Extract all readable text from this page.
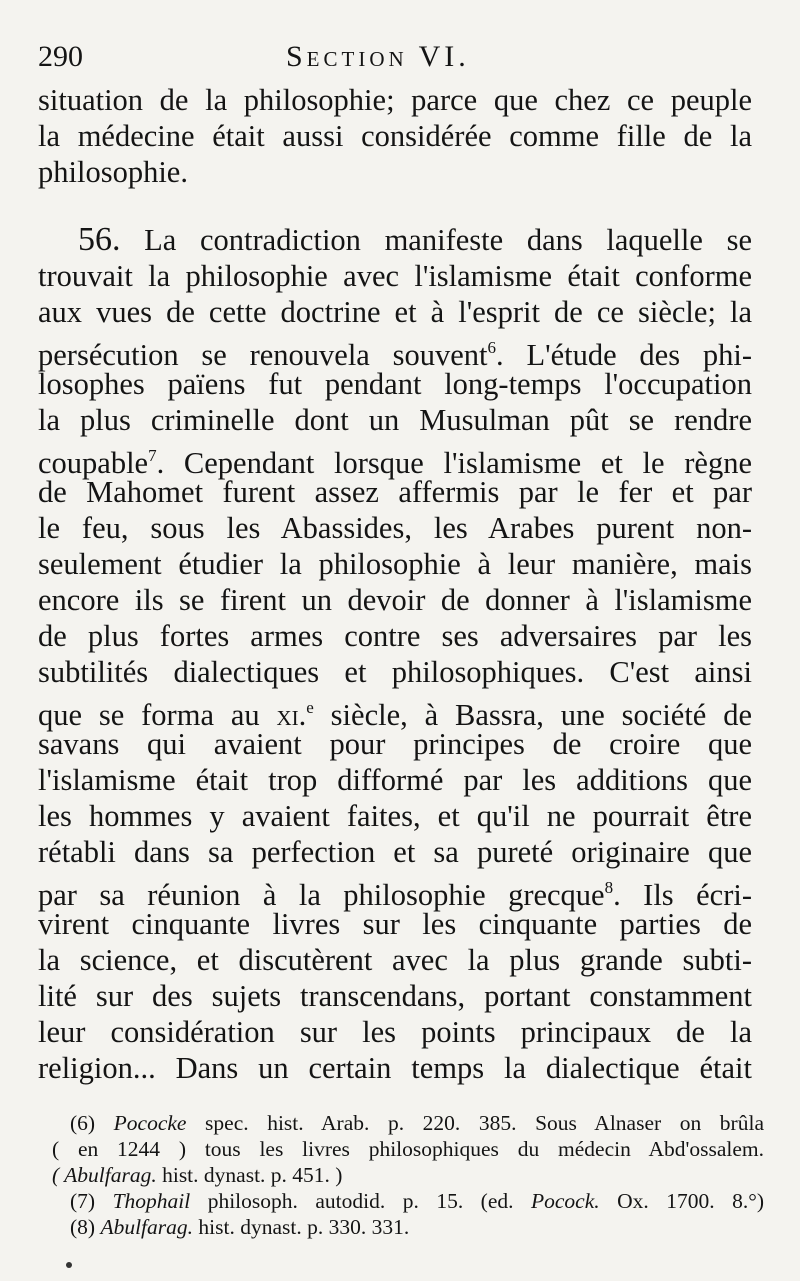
290	Section VI.
situation de la philosophie; parce que chez ce peuple
la médecine était aussi considérée comme fille de la
philosophie.
56. La contradiction manifeste dans laquelle se
trouvait la philosophie avec l'islamisme était conforme
aux vues de cette doctrine et à l'esprit de ce siècle; la
persécution se renouvela souvent$^6$. L'étude des phi-
losophes païens fut pendant long-temps l'occupation
la plus criminelle dont un Musulman pût se rendre
coupable$^7$. Cependant lorsque l'islamisme et le règne
de Mahomet furent assez affermis par le fer et par
le feu, sous les Abassides, les Arabes purent non-
seulement étudier la philosophie à leur manière, mais
encore ils se firent un devoir de donner à l'islamisme
de plus fortes armes contre ses adversaires par les
subtilités dialectiques et philosophiques. C'est ainsi
que se forma au xi.$^e$ siècle, à Bassra, une société de
savans qui avaient pour principes de croire que
l'islamisme était trop difformé par les additions que
les hommes y avaient faites, et qu'il ne pourrait être
rétabli dans sa perfection et sa pureté originaire que
par sa réunion à la philosophie grecque$^8$. Ils écri-
virent cinquante livres sur les cinquante parties de
la science, et discutèrent avec la plus grande subti-
lité sur des sujets transcendans, portant constamment
leur considération sur les points principaux de la
religion... Dans un certain temps la dialectique était
(6) Pococke spec. hist. Arab. p. 220. 385. Sous Alnaser on brûla
( en 1244 ) tous les livres philosophiques du médecin Abd'ossalem.
( Abulfarag. hist. dynast. p. 451. )
(7) Thophail philosoph. autodid. p. 15. (ed. Pocock. Ox. 1700. 8.°)
(8) Abulfarag. hist. dynast. p. 330. 331.
